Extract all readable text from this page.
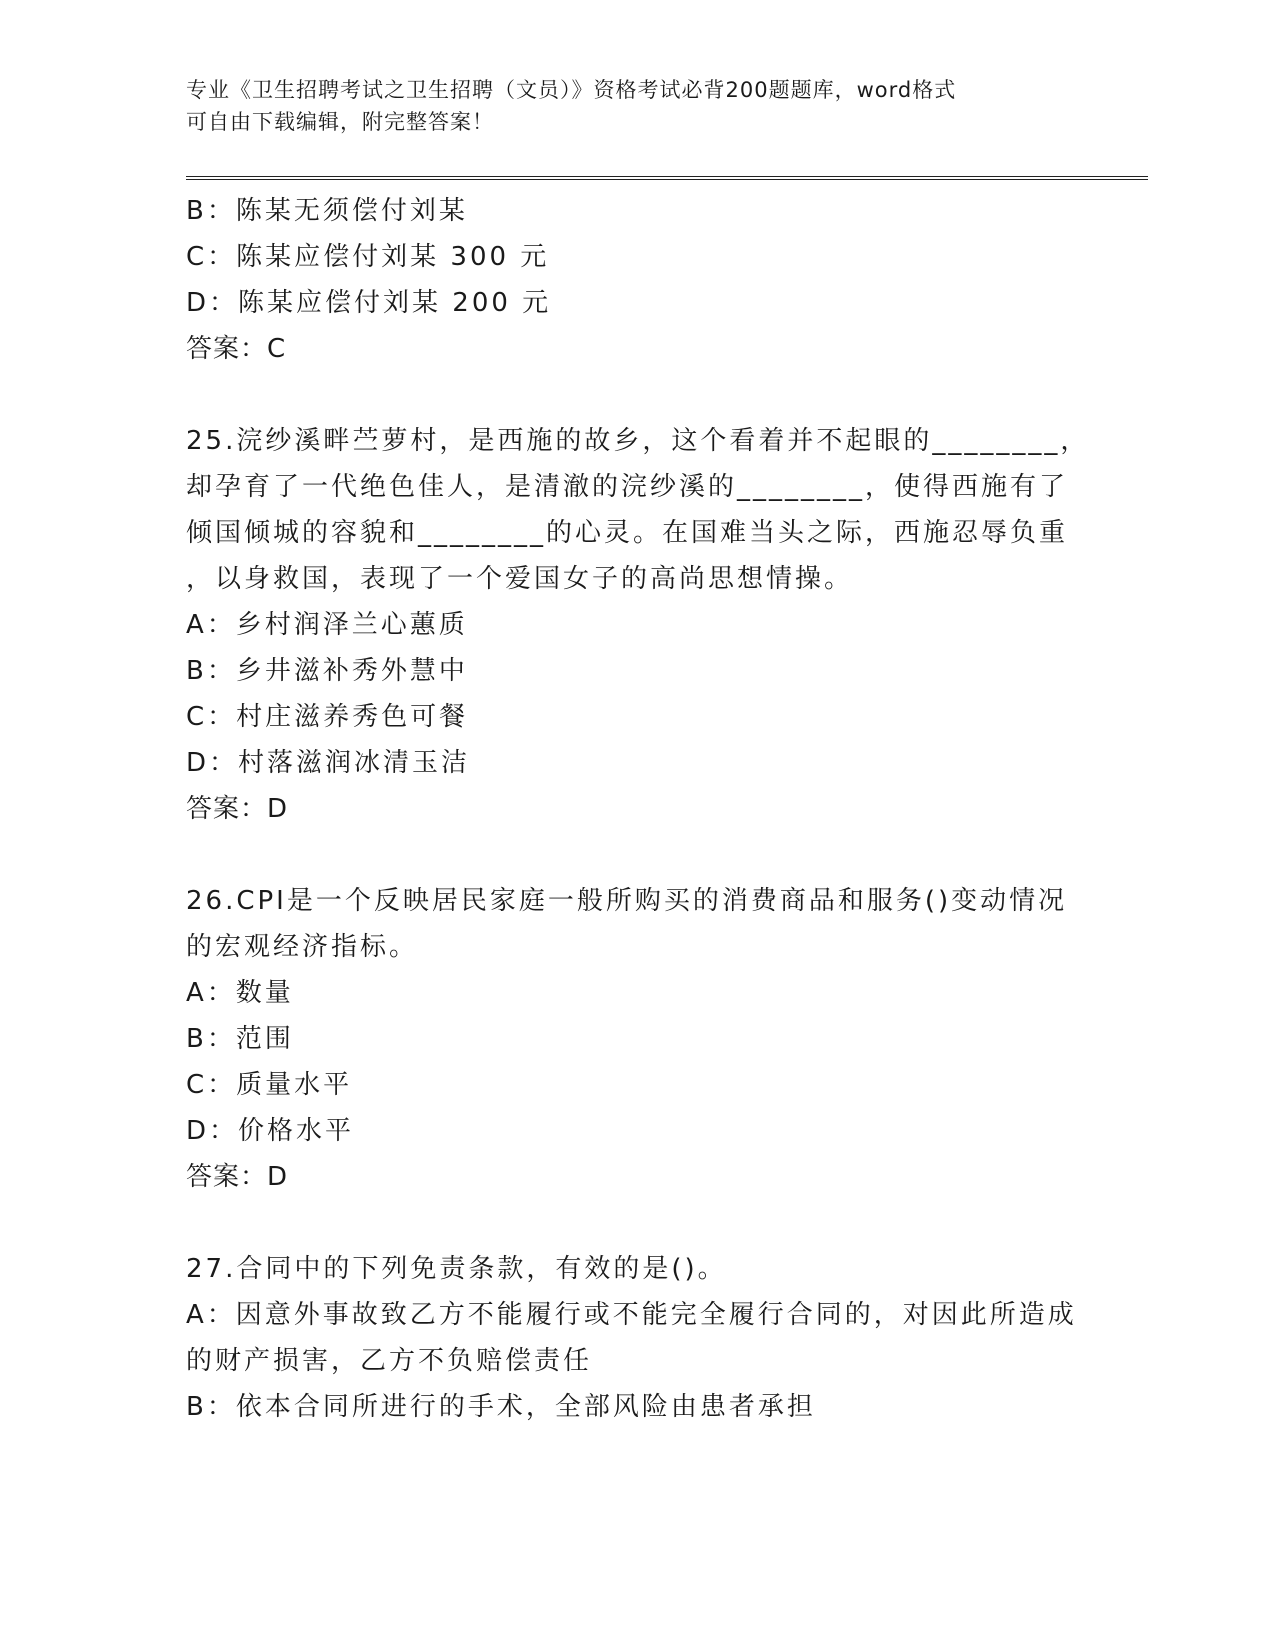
专业《卫生招聘考试之卫生招聘（文员）》资格考试必背200题题库，word格式
可自由下载编辑，附完整答案！

B：陈某无须偿付刘某

C：陈某应偿付刘某 300 元

D：陈某应偿付刘某 200 元

答案：C

25.浣纱溪畔苎萝村，是西施的故乡，这个看着并不起眼的________，

却孕育了一代绝色佳人，是清澈的浣纱溪的________，使得西施有了

倾国倾城的容貌和________的心灵。在国难当头之际，西施忍辱负重

，以身救国，表现了一个爱国女子的高尚思想情操。

A：乡村润泽兰心蕙质

B：乡井滋补秀外慧中

C：村庄滋养秀色可餐

D：村落滋润冰清玉洁

答案：D

26.CPI是一个反映居民家庭一般所购买的消费商品和服务()变动情况

的宏观经济指标。

A：数量

B：范围

C：质量水平

D：价格水平

答案：D

27.合同中的下列免责条款，有效的是()。

A：因意外事故致乙方不能履行或不能完全履行合同的，对因此所造成

的财产损害，乙方不负赔偿责任

B：依本合同所进行的手术，全部风险由患者承担
